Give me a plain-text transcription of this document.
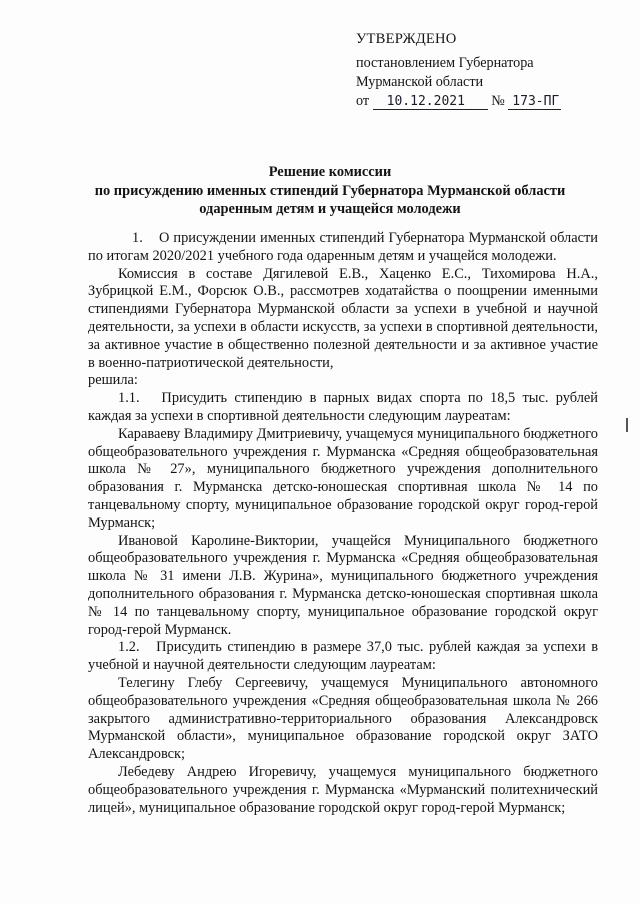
УТВЕРЖДЕНО
постановлением Губернатора
Мурманской области
от 10.12.2021 № 173-ПГ
Решение комиссии
по присуждению именных стипендий Губернатора Мурманской области
одаренным детям и учащейся молодежи

1.    О присуждении именных стипендий Губернатора Мурманской области по итогам 2020/2021 учебного года одаренным детям и учащейся молодежи.

Комиссия в составе Дягилевой Е.В., Хаценко Е.С., Тихомирова Н.А., Зубрицкой Е.М., Форсюк О.В., рассмотрев ходатайства о поощрении именными стипендиями Губернатора Мурманской области за успехи в учебной и научной деятельности, за успехи в области искусств, за успехи в спортивной деятельности, за активное участие в общественно полезной деятельности и за активное участие в военно-патриотической деятельности,

решила:

1.1.   Присудить стипендию в парных видах спорта по 18,5 тыс. рублей каждая за успехи в спортивной деятельности следующим лауреатам:

Караваеву Владимиру Дмитриевичу, учащемуся муниципального бюджетного общеобразовательного учреждения г. Мурманска «Средняя общеобразовательная школа № 27», муниципального бюджетного учреждения дополнительного образования г. Мурманска детско-юношеская спортивная школа № 14 по танцевальному спорту, муниципальное образование городской округ город-герой Мурманск;

Ивановой Каролине-Виктории, учащейся Муниципального бюджетного общеобразовательного учреждения г. Мурманска «Средняя общеобразовательная школа № 31 имени Л.В. Журина», муниципального бюджетного учреждения дополнительного образования г. Мурманска детско-юношеская спортивная школа № 14 по танцевальному спорту, муниципальное образование городской округ город-герой Мурманск.

1.2.   Присудить стипендию в размере 37,0 тыс. рублей каждая за успехи в учебной и научной деятельности следующим лауреатам:

Телегину Глебу Сергеевичу, учащемуся Муниципального автономного общеобразовательного учреждения «Средняя общеобразовательная школа № 266 закрытого административно-территориального образования Александровск Мурманской области», муниципальное образование городской округ ЗАТО Александровск;

Лебедеву Андрею Игоревичу, учащемуся муниципального бюджетного общеобразовательного учреждения г. Мурманска «Мурманский политехнический лицей», муниципальное образование городской округ город-герой Мурманск;
